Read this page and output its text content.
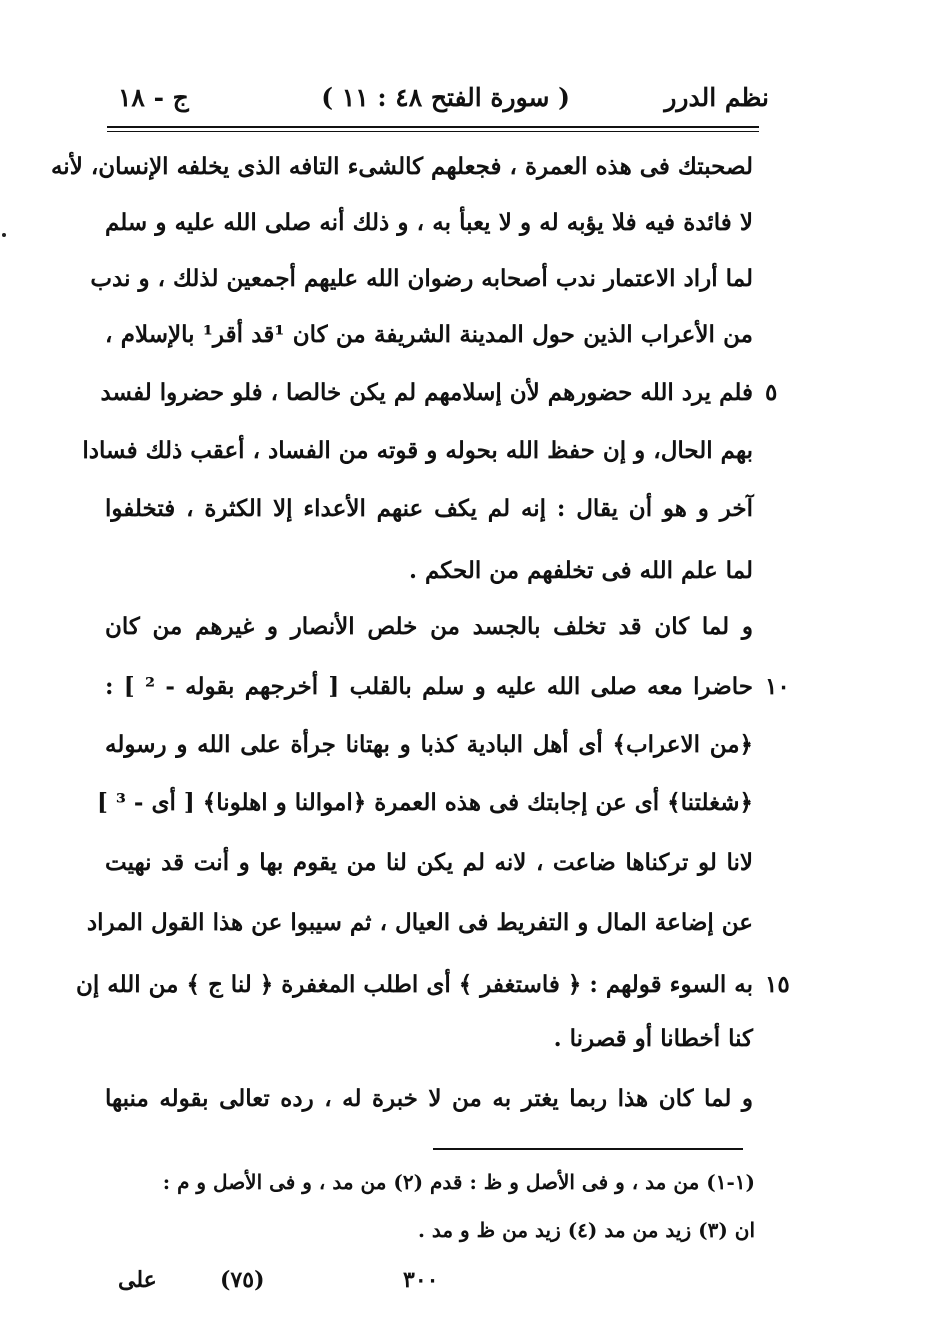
نظم الدرر
( سورة الفتح ٤٨ : ١١ )
ج - ١٨
لصحبتك فى هذه العمرة ، فجعلهم كالشىء التافه الذى يخلفه الإنسان، لأنه
لا فائدة فيه فلا يؤبه له و لا يعبأ به ، و ذلك أنه صلى الله عليه و سلم
لما أراد الاعتمار ندب أصحابه رضوان الله عليهم أجمعين لذلك ، و ندب
من الأعراب الذين حول المدينة الشريفة من كان ¹قد أقر¹ بالإسلام ،
فلم يرد الله حضورهم لأن إسلامهم لم يكن خالصا ، فلو حضروا لفسد ٥
بهم الحال، و إن حفظ الله بحوله و قوته من الفساد ، أعقب ذلك فسادا
آخر و هو أن يقال : إنه لم يكف عنهم الأعداء إلا الكثرة ، فتخلفوا
لما علم الله فى تخلفهم من الحكم .
و لما كان قد تخلف بالجسد من خلص الأنصار و غيرهم من كان
حاضرا معه صلى الله عليه و سلم بالقلب [ أخرجهم بقوله - ² ] : ١٠
﴿من الاعراب﴾ أى أهل البادية كذبا و بهتانا جرأة على الله و رسوله
﴿شغلتنا﴾ أى عن إجابتك فى هذه العمرة ﴿اموالنا و اهلونا﴾ [ أى - ³ ]
لانا لو تركناها ضاعت ، لانه لم يكن لنا من يقوم بها و أنت قد نهيت
عن إضاعة المال و التفريط فى العيال ، ثم سيبوا عن هذا القول المراد
به السوء قولهم : ﴿ فاستغفر ﴾ أى اطلب المغفرة ﴿ لنا ج ﴾ من الله إن ١٥
كنا أخطانا أو قصرنا .
و لما كان هذا ربما يغتر به من لا خبرة له ، رده تعالى بقوله منبها
(١-١) من مد ، و فى الأصل و ظ : قدم (٢) من مد ، و فى الأصل و م :
ان (٣) زيد من مد (٤) زيد من ظ و مد .
على	(٧٥)	٣٠٠
